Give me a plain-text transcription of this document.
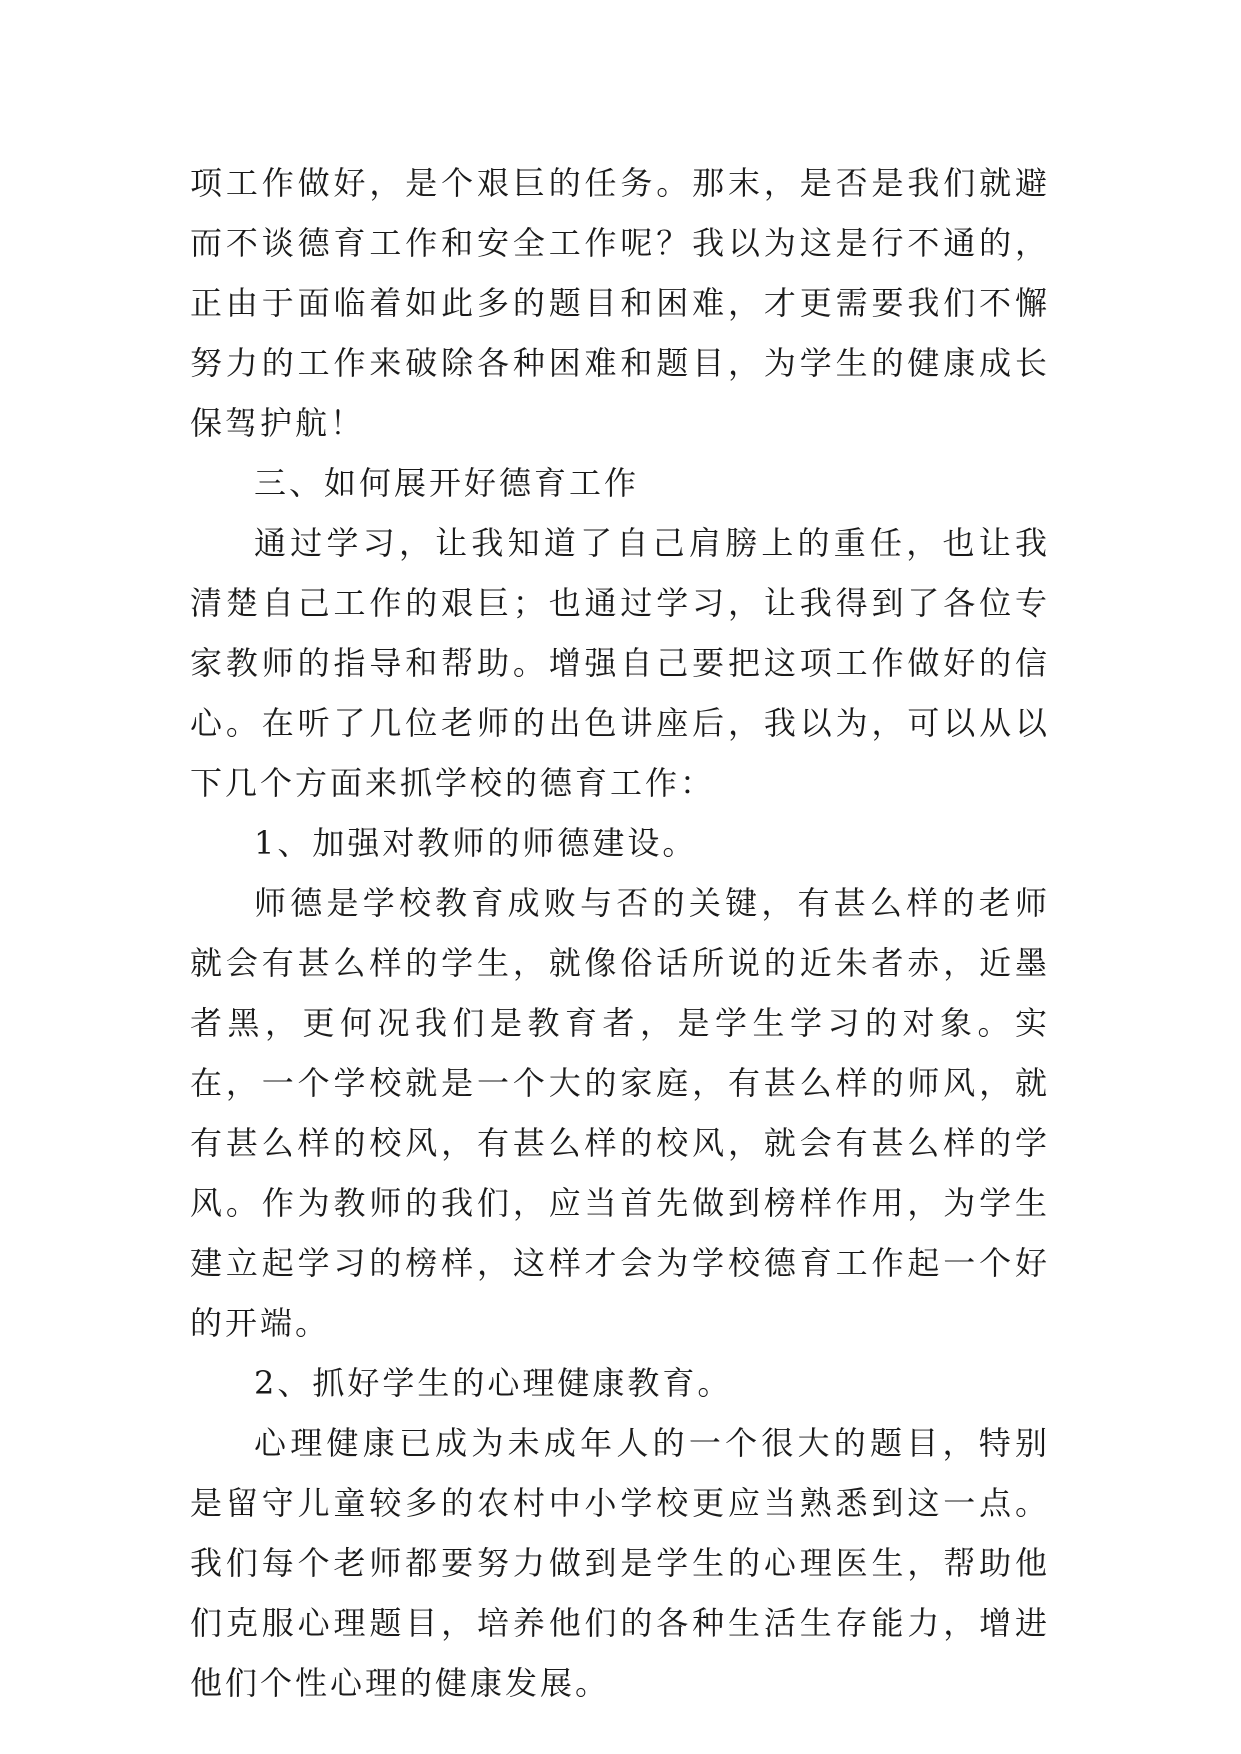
项工作做好，是个艰巨的任务。那末，是否是我们就避而不谈德育工作和安全工作呢？我以为这是行不通的，正由于面临着如此多的题目和困难，才更需要我们不懈努力的工作来破除各种困难和题目，为学生的健康成长保驾护航！

三、如何展开好德育工作

通过学习，让我知道了自己肩膀上的重任，也让我清楚自己工作的艰巨；也通过学习，让我得到了各位专家教师的指导和帮助。增强自己要把这项工作做好的信心。在听了几位老师的出色讲座后，我以为，可以从以下几个方面来抓学校的德育工作：

1、加强对教师的师德建设。

师德是学校教育成败与否的关键，有甚么样的老师就会有甚么样的学生，就像俗话所说的近朱者赤，近墨者黑，更何况我们是教育者，是学生学习的对象。实在，一个学校就是一个大的家庭，有甚么样的师风，就有甚么样的校风，有甚么样的校风，就会有甚么样的学风。作为教师的我们，应当首先做到榜样作用，为学生建立起学习的榜样，这样才会为学校德育工作起一个好的开端。

2、抓好学生的心理健康教育。

心理健康已成为未成年人的一个很大的题目，特别是留守儿童较多的农村中小学校更应当熟悉到这一点。我们每个老师都要努力做到是学生的心理医生，帮助他们克服心理题目，培养他们的各种生活生存能力，增进他们个性心理的健康发展。
